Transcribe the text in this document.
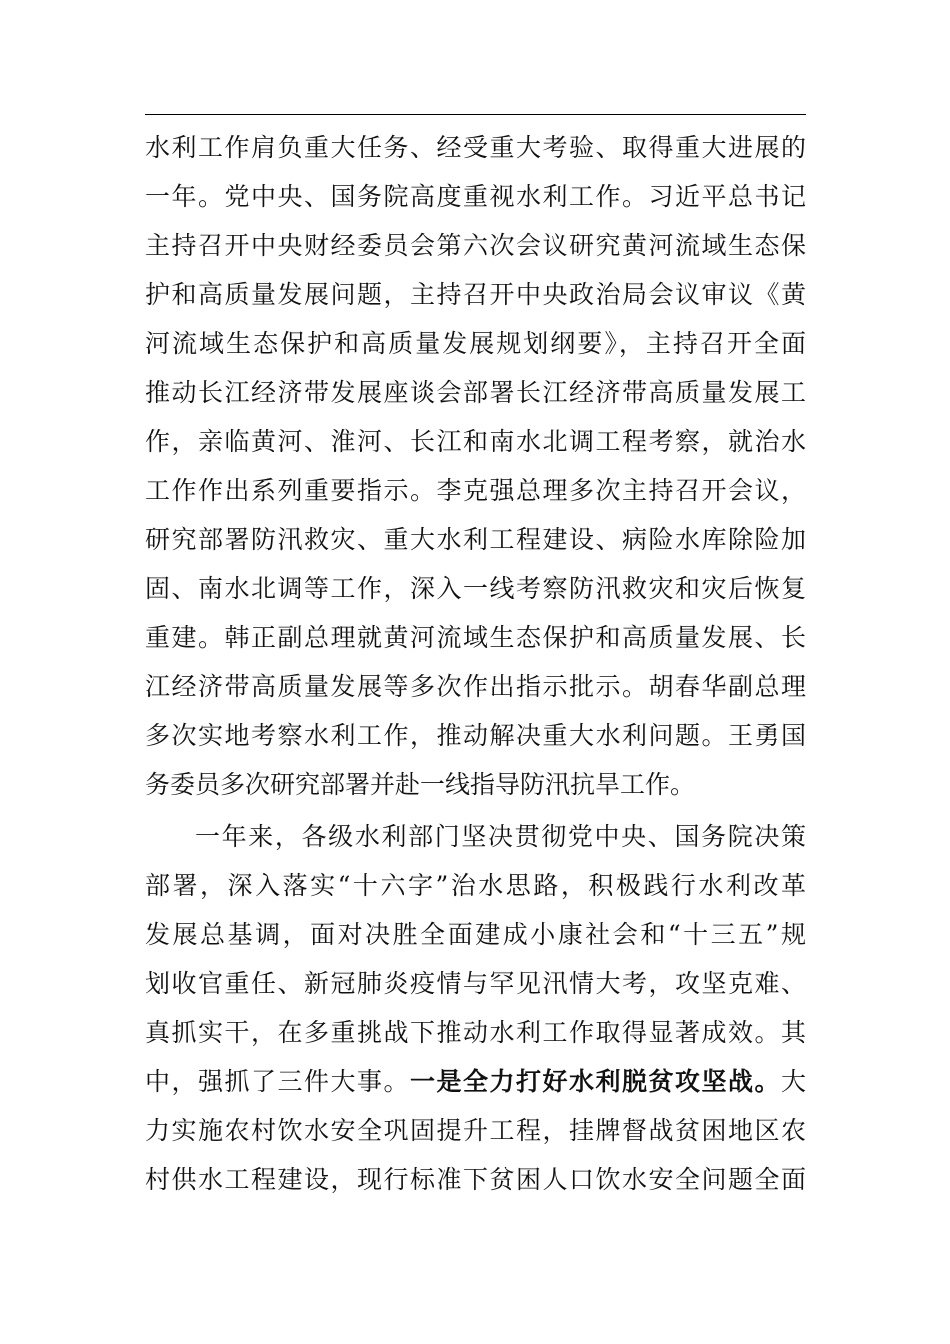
水利工作肩负重大任务、经受重大考验、取得重大进展的
一年。党中央、国务院高度重视水利工作。习近平总书记
主持召开中央财经委员会第六次会议研究黄河流域生态保
护和高质量发展问题，主持召开中央政治局会议审议《黄
河流域生态保护和高质量发展规划纲要》，主持召开全面
推动长江经济带发展座谈会部署长江经济带高质量发展工
作，亲临黄河、淮河、长江和南水北调工程考察，就治水
工作作出系列重要指示。李克强总理多次主持召开会议，
研究部署防汛救灾、重大水利工程建设、病险水库除险加
固、南水北调等工作，深入一线考察防汛救灾和灾后恢复
重建。韩正副总理就黄河流域生态保护和高质量发展、长
江经济带高质量发展等多次作出指示批示。胡春华副总理
多次实地考察水利工作，推动解决重大水利问题。王勇国
务委员多次研究部署并赴一线指导防汛抗旱工作。
一年来，各级水利部门坚决贯彻党中央、国务院决策
部署，深入落实“十六字”治水思路，积极践行水利改革
发展总基调，面对决胜全面建成小康社会和“十三五”规
划收官重任、新冠肺炎疫情与罕见汛情大考，攻坚克难、
真抓实干，在多重挑战下推动水利工作取得显著成效。其
中，强抓了三件大事。一是全力打好水利脱贫攻坚战。大
力实施农村饮水安全巩固提升工程，挂牌督战贫困地区农
村供水工程建设，现行标准下贫困人口饮水安全问题全面
